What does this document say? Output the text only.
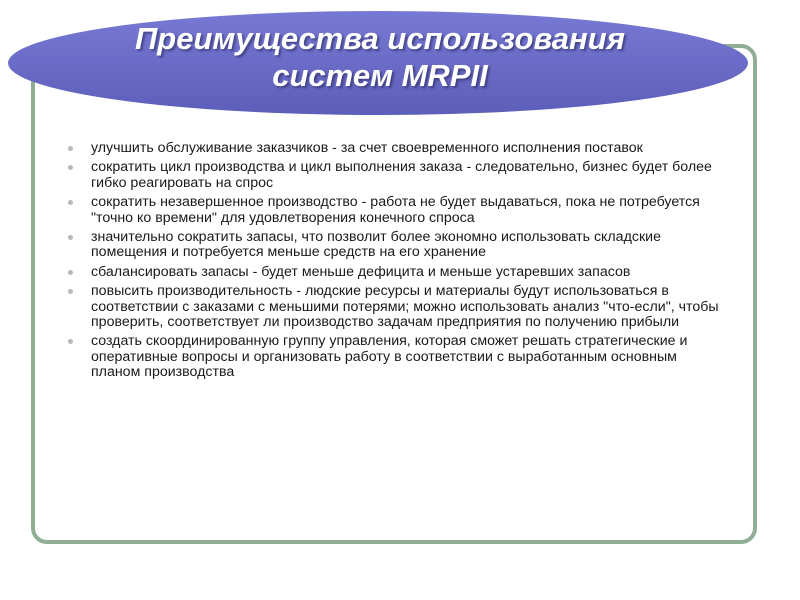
Преимущества использования
систем MRPII
улучшить обслуживание заказчиков - за счет своевременного исполнения поставок
сократить цикл производства и цикл выполнения заказа - следовательно, бизнес будет более гибко реагировать на спрос
сократить незавершенное производство - работа не будет выдаваться, пока не потребуется "точно ко времени" для удовлетворения конечного спроса
значительно сократить запасы, что позволит более экономно использовать складские помещения и потребуется меньше средств на его хранение
сбалансировать запасы - будет меньше дефицита и меньше устаревших запасов
повысить производительность - людские ресурсы и материалы будут использоваться в соответствии с заказами с меньшими потерями; можно использовать анализ "что-если", чтобы проверить, соответствует ли производство задачам предприятия по получению прибыли
создать скоординированную группу управления, которая сможет решать стратегические и оперативные вопросы и организовать работу в соответствии с выработанным основным планом производства
